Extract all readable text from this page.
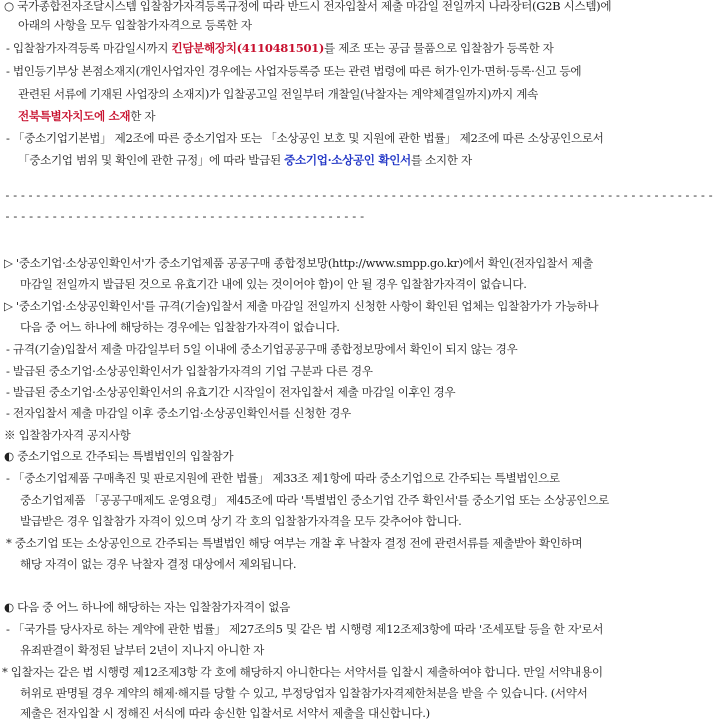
○ 국가종합전자조달시스템 입찰참가자격등록규정에 따라 반드시 전자입찰서 제출 마감일 전일까지 나라장터(G2B 시스템)에
아래의 사항을 모두 입찰참가자격으로 등록한 자
- 입찰참가자격등록 마감일시까지 킨담분해장치(4110481501)를 제조 또는 공급 물품으로 입찰참가 등록한 자
- 법인등기부상 본점소재지(개인사업자인 경우에는 사업자등록증 또는 관련 법령에 따른 허가·인가·면허·등록·신고 등에
관련된 서류에 기재된 사업장의 소재지)가 입찰공고일 전일부터 개찰일(낙찰자는 계약체결일까지)까지 계속
전북특별자치도에 소재한 자
- 「중소기업기본법」 제2조에 따른 중소기업자 또는 「소상공인 보호 및 지원에 관한 법률」 제2조에 따른 소상공인으로서
「중소기업 범위 및 확인에 관한 규정」에 따라 발급된 중소기업·소상공인 확인서를 소지한 자
--------------------------------------------------------------------------------------------
----------------------------------------------
▷ '중소기업·소상공인확인서'가 중소기업제품 공공구매 종합정보망(http://www.smpp.go.kr)에서 확인(전자입찰서 제출
마감일 전일까지 발급된 것으로 유효기간 내에 있는 것이어야 함)이 안 될 경우 입찰참가자격이 없습니다.
▷ '중소기업·소상공인확인서'를 규격(기술)입찰서 제출 마감일 전일까지 신청한 사항이 확인된 업체는 입찰참가가 가능하나
다음 중 어느 하나에 해당하는 경우에는 입찰참가자격이 없습니다.
- 규격(기술)입찰서 제출 마감일부터 5일 이내에 중소기업공공구매 종합정보망에서 확인이 되지 않는 경우
- 발급된 중소기업·소상공인확인서가 입찰참가자격의 기업 구분과 다른 경우
- 발급된 중소기업·소상공인확인서의 유효기간 시작일이 전자입찰서 제출 마감일 이후인 경우
- 전자입찰서 제출 마감일 이후 중소기업·소상공인확인서를 신청한 경우
※ 입찰참가자격 공지사항
◐ 중소기업으로 간주되는 특별법인의 입찰참가
- 「중소기업제품 구매촉진 및 판로지원에 관한 법률」 제33조 제1항에 따라 중소기업으로 간주되는 특별법인으로
중소기업제품 「공공구매제도 운영요령」 제45조에 따라 '특별법인 중소기업 간주 확인서'를 중소기업 또는 소상공인으로
발급받은 경우 입찰참가 자격이 있으며 상기 각 호의 입찰참가자격을 모두 갖추어야 합니다.
* 중소기업 또는 소상공인으로 간주되는 특별법인 해당 여부는 개찰 후 낙찰자 결정 전에 관련서류를 제출받아 확인하며
해당 자격이 없는 경우 낙찰자 결정 대상에서 제외됩니다.
◐ 다음 중 어느 하나에 해당하는 자는 입찰참가자격이 없음
- 「국가를 당사자로 하는 계약에 관한 법률」 제27조의5 및 같은 법 시행령 제12조제3항에 따라 '조세포탈 등을 한 자'로서
유죄판결이 확정된 날부터 2년이 지나지 아니한 자
* 입찰자는 같은 법 시행령 제12조제3항 각 호에 해당하지 아니한다는 서약서를 입찰시 제출하여야 합니다. 만일 서약내용이
허위로 판명될 경우 계약의 해제·해지를 당할 수 있고, 부정당업자 입찰참가자격제한처분을 받을 수 있습니다. (서약서
제출은 전자입찰 시 정해진 서식에 따라 송신한 입찰서로 서약서 제출을 대신합니다.)
